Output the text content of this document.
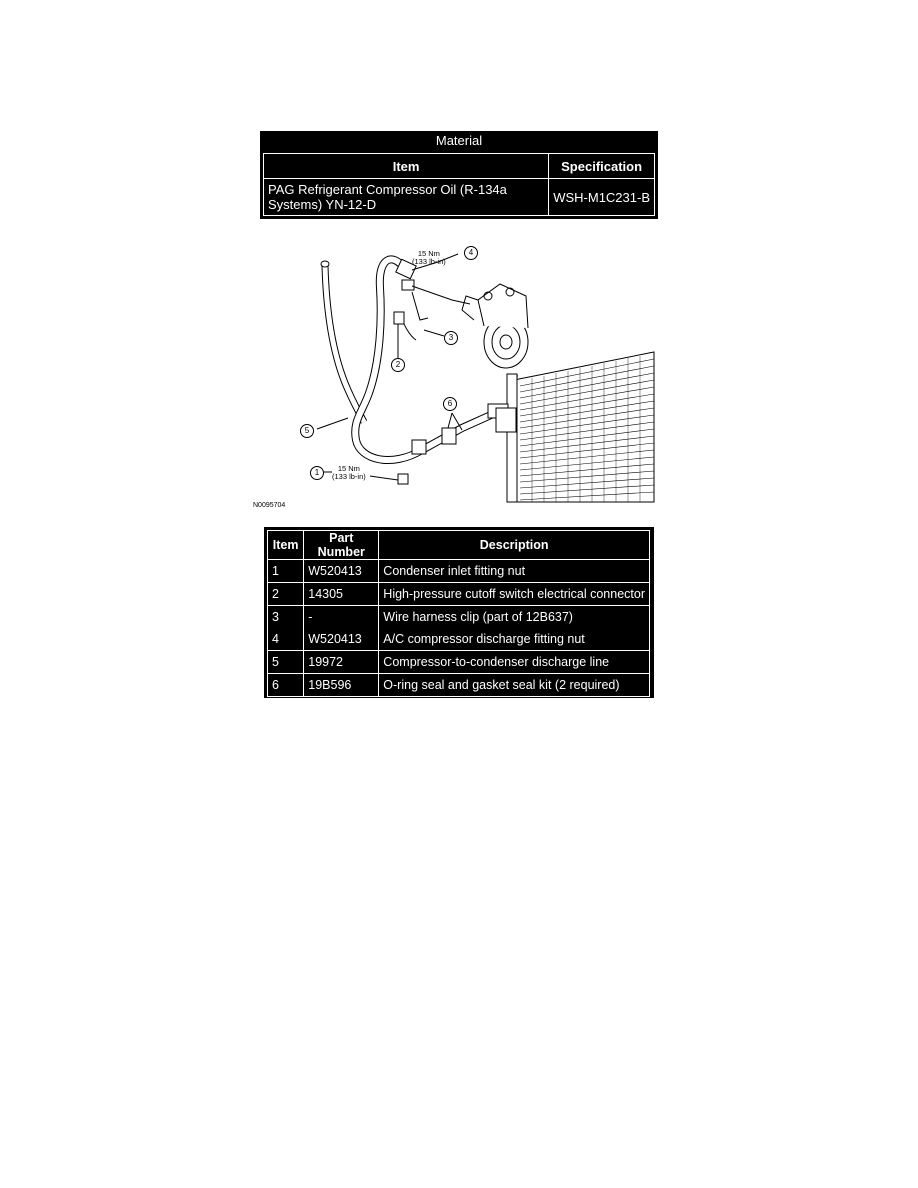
Material
Item	Specification
PAG Refrigerant Compressor Oil (R-134a Systems) YN-12-D	WSH-M1C231-B
15 Nm
(133 lb-in)
15 Nm
(133 lb-in)
1
2
3
4
5
6
N0095704
Item	Part Number	Description
1	W520413	Condenser inlet fitting nut
2	14305	High-pressure cutoff switch electrical connector
3	-	Wire harness clip (part of 12B637)
4	W520413	A/C compressor discharge fitting nut
5	19972	Compressor-to-condenser discharge line
6	19B596	O-ring seal and gasket seal kit (2 required)
